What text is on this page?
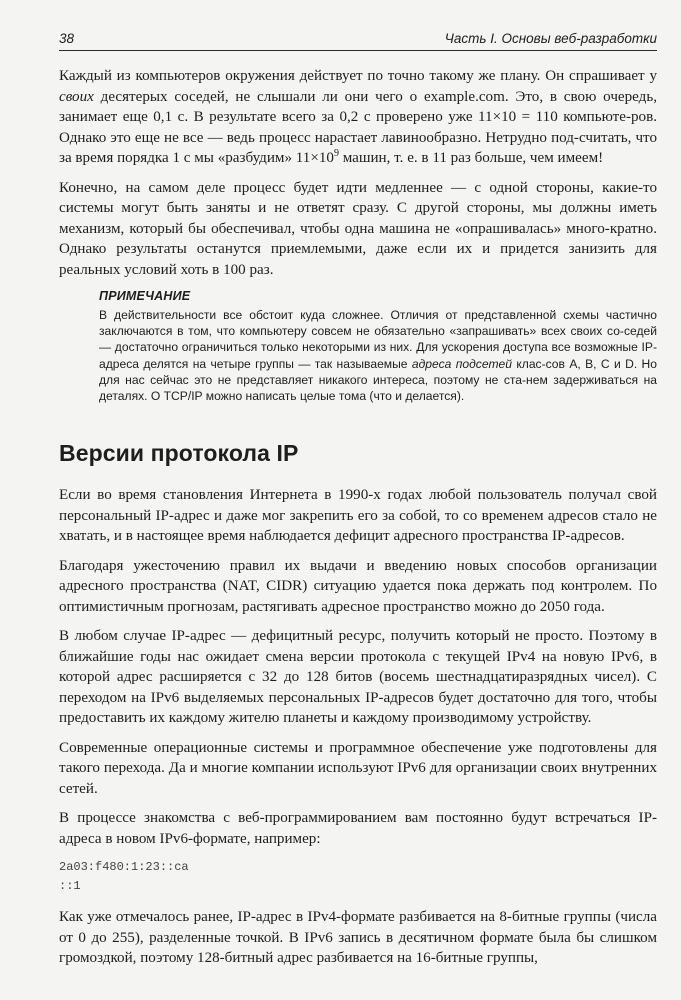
38	Часть I. Основы веб-разработки

Каждый из компьютеров окружения действует по точно такому же плану. Он спрашивает у своих десятерых соседей, не слышали ли они чего о example.com. Это, в свою очередь, занимает еще 0,1 с. В результате всего за 0,2 с проверено уже 11×10 = 110 компьюте-ров. Однако это еще не все — ведь процесс нарастает лавинообразно. Нетрудно под-считать, что за время порядка 1 с мы «разбудим» $11\times 10^9$ машин, т. е. в 11 раз больше, чем имеем!

Конечно, на самом деле процесс будет идти медленнее — с одной стороны, какие-то системы могут быть заняты и не ответят сразу. С другой стороны, мы должны иметь механизм, который бы обеспечивал, чтобы одна машина не «опрашивалась» много-кратно. Однако результаты останутся приемлемыми, даже если их и придется занизить для реальных условий хоть в 100 раз.

ПРИМЕЧАНИЕ

В действительности все обстоит куда сложнее. Отличия от представленной схемы частично заключаются в том, что компьютеру совсем не обязательно «запрашивать» всех своих со-седей — достаточно ограничиться только некоторыми из них. Для ускорения доступа все возможные IP-адреса делятся на четыре группы — так называемые адреса подсетей клас-сов A, B, C и D. Но для нас сейчас это не представляет никакого интереса, поэтому не ста-нем задерживаться на деталях. О TCP/IP можно написать целые тома (что и делается).

Версии протокола IP

Если во время становления Интернета в 1990-х годах любой пользователь получал свой персональный IP-адрес и даже мог закрепить его за собой, то со временем адресов стало не хватать, и в настоящее время наблюдается дефицит адресного пространства IP-адресов.

Благодаря ужесточению правил их выдачи и введению новых способов организации адресного пространства (NAT, CIDR) ситуацию удается пока держать под контролем. По оптимистичным прогнозам, растягивать адресное пространство можно до 2050 года.

В любом случае IP-адрес — дефицитный ресурс, получить который не просто. Поэтому в ближайшие годы нас ожидает смена версии протокола с текущей IPv4 на новую IPv6, в которой адрес расширяется с 32 до 128 битов (восемь шестнадцатиразрядных чисел). С переходом на IPv6 выделяемых персональных IP-адресов будет достаточно для того, чтобы предоставить их каждому жителю планеты и каждому производимому устройству.

Современные операционные системы и программное обеспечение уже подготовлены для такого перехода. Да и многие компании используют IPv6 для организации своих внутренних сетей.

В процессе знакомства с веб-программированием вам постоянно будут встречаться IP-адреса в новом IPv6-формате, например:

2a03:f480:1:23::ca
::1

Как уже отмечалось ранее, IP-адрес в IPv4-формате разбивается на 8-битные группы (числа от 0 до 255), разделенные точкой. В IPv6 запись в десятичном формате была бы слишком громоздкой, поэтому 128-битный адрес разбивается на 16-битные группы,
